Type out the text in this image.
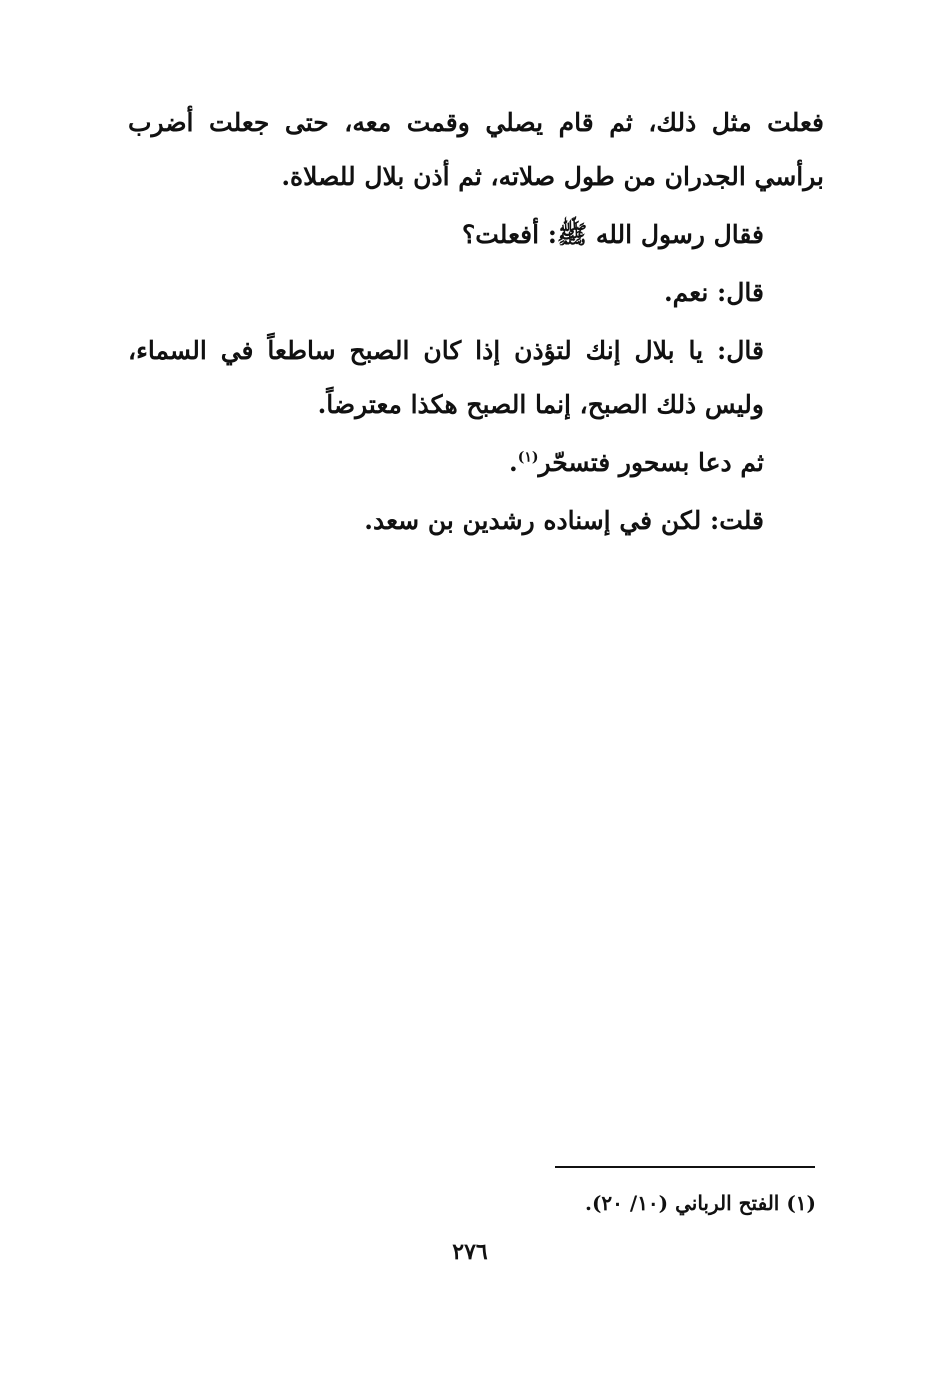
فعلت مثل ذلك، ثم قام يصلي وقمت معه، حتى جعلت أضرب برأسي الجدران من طول صلاته، ثم أذن بلال للصلاة.

فقال رسول الله ﷺ: أفعلت؟

قال: نعم.

قال: يا بلال إنك لتؤذن إذا كان الصبح ساطعاً في السماء، وليس ذلك الصبح، إنما الصبح هكذا معترضاً.

ثم دعا بسحور فتسحّر$^{(١)}$.

قلت: لكن في إسناده رشدين بن سعد.

(١) الفتح الرباني (١٠/ ٢٠).
٢٧٦
